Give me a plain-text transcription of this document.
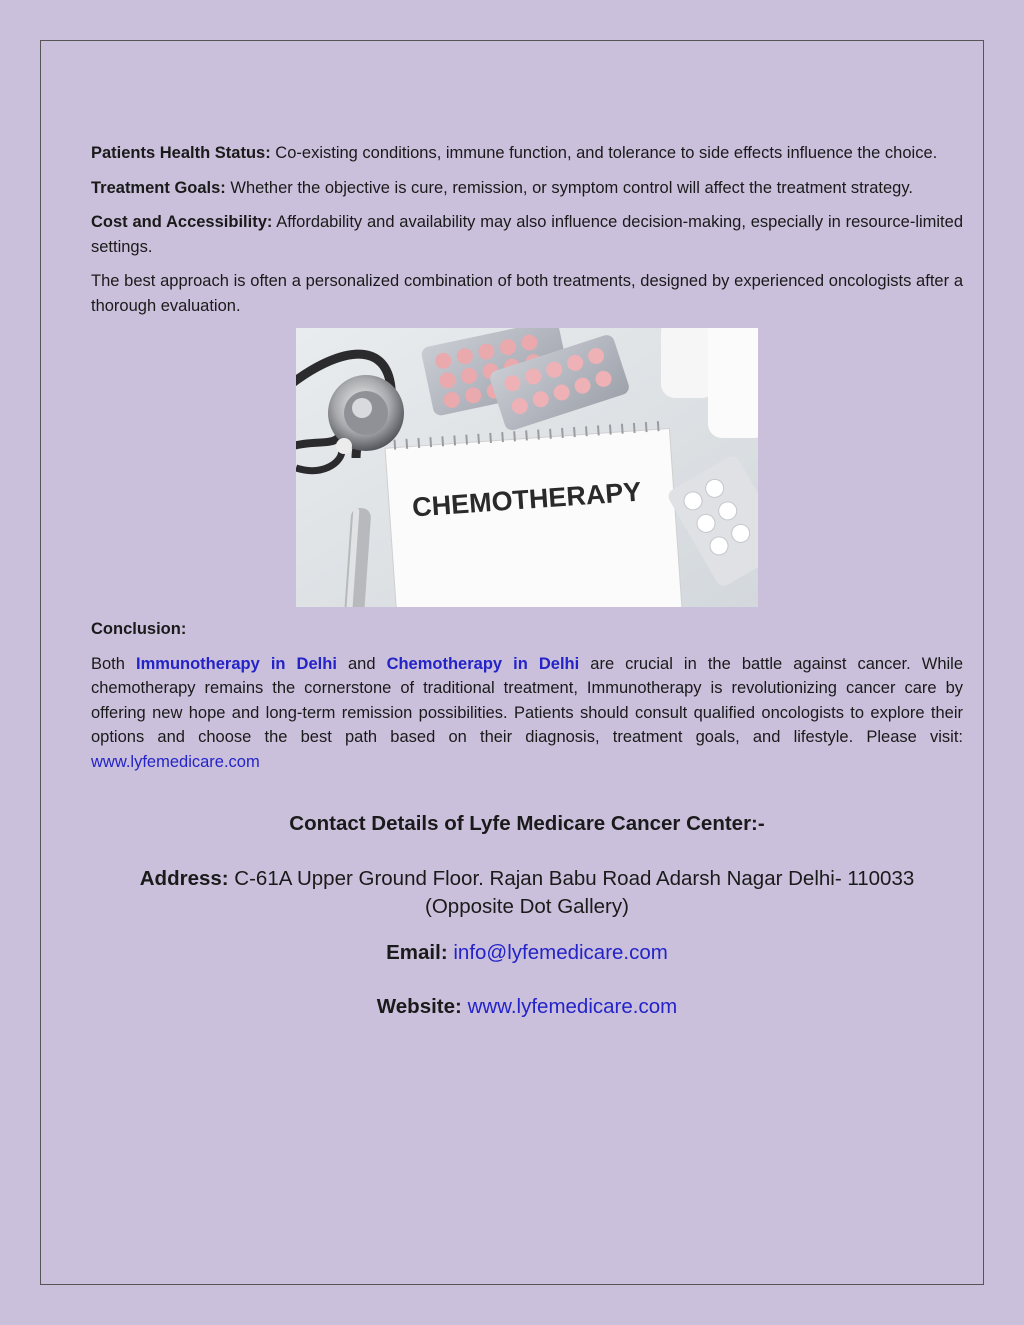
Patients Health Status: Co-existing conditions, immune function, and tolerance to side effects influence the choice.

Treatment Goals: Whether the objective is cure, remission, or symptom control will affect the treatment strategy.

Cost and Accessibility: Affordability and availability may also influence decision-making, especially in resource-limited settings.

The best approach is often a personalized combination of both treatments, designed by experienced oncologists after a thorough evaluation.

CHEMOTHERAPY

Conclusion:

Both Immunotherapy in Delhi and Chemotherapy in Delhi are crucial in the battle against cancer. While chemotherapy remains the cornerstone of traditional treatment, Immunotherapy is revolutionizing cancer care by offering new hope and long-term remission possibilities. Patients should consult qualified oncologists to explore their options and choose the best path based on their diagnosis, treatment goals, and lifestyle. Please visit: www.lyfemedicare.com

Contact Details of Lyfe Medicare Cancer Center:-

Address: C-61A Upper Ground Floor. Rajan Babu Road Adarsh Nagar Delhi- 110033
(Opposite Dot Gallery)

Email: info@lyfemedicare.com

Website: www.lyfemedicare.com
